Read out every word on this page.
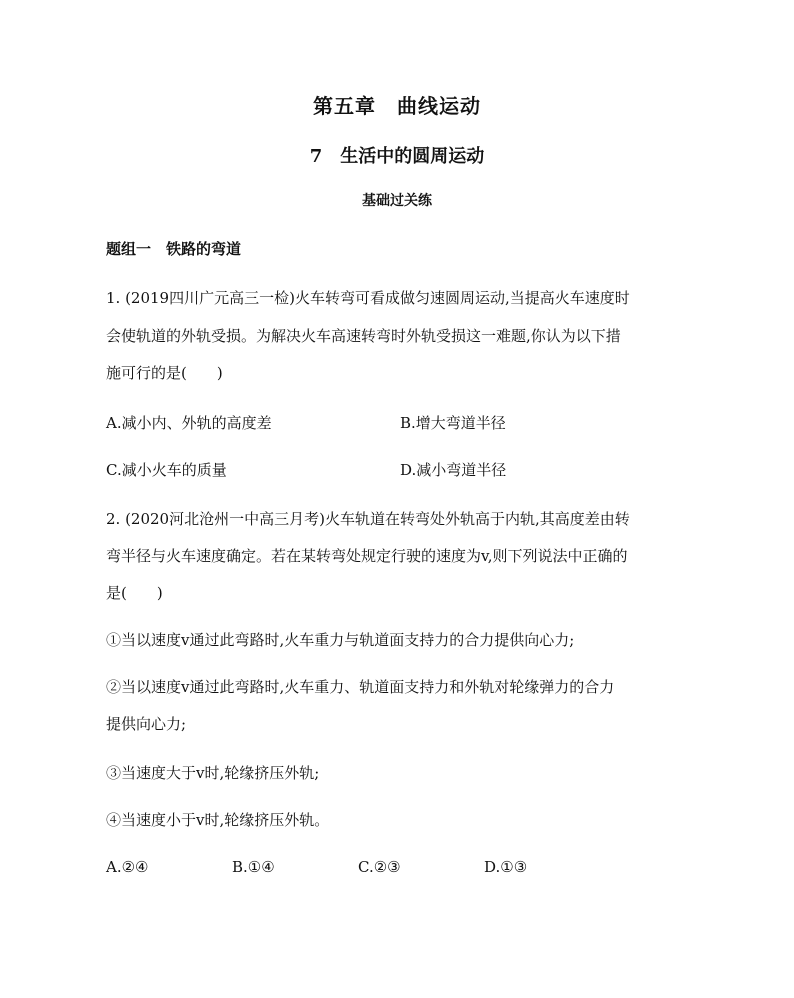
第五章　曲线运动
7　生活中的圆周运动
基础过关练
题组一　铁路的弯道
1. (2019四川广元高三一检)火车转弯可看成做匀速圆周运动,当提高火车速度时
会使轨道的外轨受损。为解决火车高速转弯时外轨受损这一难题,你认为以下措
施可行的是( )
A.减小内、外轨的高度差	B.增大弯道半径
C.减小火车的质量	D.减小弯道半径
2. (2020河北沧州一中高三月考)火车轨道在转弯处外轨高于内轨,其高度差由转
弯半径与火车速度确定。若在某转弯处规定行驶的速度为v,则下列说法中正确的
是( )
①当以速度v通过此弯路时,火车重力与轨道面支持力的合力提供向心力;
②当以速度v通过此弯路时,火车重力、轨道面支持力和外轨对轮缘弹力的合力
提供向心力;
③当速度大于v时,轮缘挤压外轨;
④当速度小于v时,轮缘挤压外轨。
A.②④	B.①④	C.②③	D.①③
